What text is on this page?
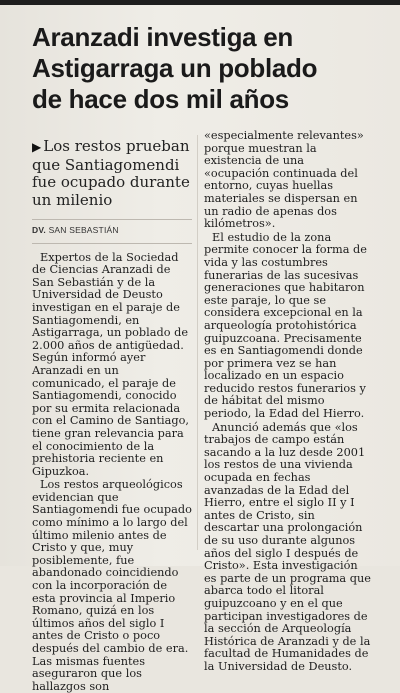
Aranzadi investiga en
Astigarraga un poblado
de hace dos mil años
▶ Los restos prueban que Santiagomendi fue ocupado durante un milenio
DV. SAN SEBASTIÁN

Expertos de la Sociedad de Ciencias Aranzadi de San Sebastián y de la Universidad de Deusto investigan en el paraje de Santiagomendi, en Astigarraga, un poblado de 2.000 años de antigüedad. Según informó ayer Aranzadi en un comunicado, el paraje de Santiagomendi, conocido por su ermita relacionada con el Camino de Santiago, tiene gran relevancia para el conocimiento de la prehistoria reciente en Gipuzkoa.

Los restos arqueológicos evidencian que Santiagomendi fue ocupado como mínimo a lo largo del último milenio antes de Cristo y que, muy posiblemente, fue abandonado coincidiendo con la incorporación de esta provincia al Imperio Romano, quizá en los últimos años del siglo I antes de Cristo o poco después del cambio de era. Las mismas fuentes aseguraron que los hallazgos son

«especialmente relevantes» porque muestran la existencia de una «ocupación continuada del entorno, cuyas huellas materiales se dispersan en un radio de apenas dos kilómetros».

El estudio de la zona permite conocer la forma de vida y las costumbres funerarias de las sucesivas generaciones que habitaron este paraje, lo que se considera excepcional en la arqueología protohistórica guipuzcoana. Precisamente es en Santiagomendi donde por primera vez se han localizado en un espacio reducido restos funerarios y de hábitat del mismo periodo, la Edad del Hierro.

Anunció además que «los trabajos de campo están sacando a la luz desde 2001 los restos de una vivienda ocupada en fechas avanzadas de la Edad del Hierro, entre el siglo II y I antes de Cristo, sin descartar una prolongación de su uso durante algunos años del siglo I después de Cristo». Esta investigación es parte de un programa que abarca todo el litoral guipuzcoano y en el que participan investigadores de la sección de Arqueología Histórica de Aranzadi y de la facultad de Humanidades de la Universidad de Deusto.
